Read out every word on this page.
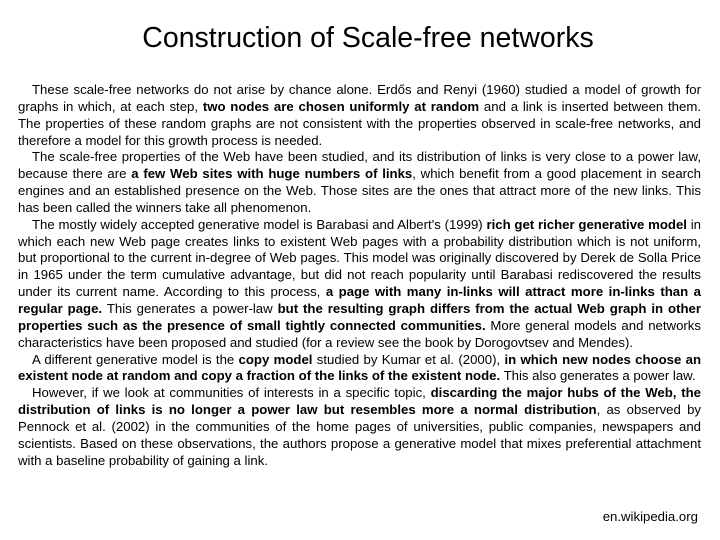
Construction of Scale-free networks

These scale-free networks do not arise by chance alone. Erdős and Renyi (1960) studied a model of growth for graphs in which, at each step, two nodes are chosen uniformly at random and a link is inserted between them. The properties of these random graphs are not consistent with the properties observed in scale-free networks, and therefore a model for this growth process is needed.

The scale-free properties of the Web have been studied, and its distribution of links is very close to a power law, because there are a few Web sites with huge numbers of links, which benefit from a good placement in search engines and an established presence on the Web. Those sites are the ones that attract more of the new links. This has been called the winners take all phenomenon.

The mostly widely accepted generative model is Barabasi and Albert's (1999) rich get richer generative model in which each new Web page creates links to existent Web pages with a probability distribution which is not uniform, but proportional to the current in-degree of Web pages. This model was originally discovered by Derek de Solla Price in 1965 under the term cumulative advantage, but did not reach popularity until Barabasi rediscovered the results under its current name. According to this process, a page with many in-links will attract more in-links than a regular page. This generates a power-law but the resulting graph differs from the actual Web graph in other properties such as the presence of small tightly connected communities. More general models and networks characteristics have been proposed and studied (for a review see the book by Dorogovtsev and Mendes).

A different generative model is the copy model studied by Kumar et al. (2000), in which new nodes choose an existent node at random and copy a fraction of the links of the existent node. This also generates a power law.

However, if we look at communities of interests in a specific topic, discarding the major hubs of the Web, the distribution of links is no longer a power law but resembles more a normal distribution, as observed by Pennock et al. (2002) in the communities of the home pages of universities, public companies, newspapers and scientists. Based on these observations, the authors propose a generative model that mixes preferential attachment with a baseline probability of gaining a link.

en.wikipedia.org
